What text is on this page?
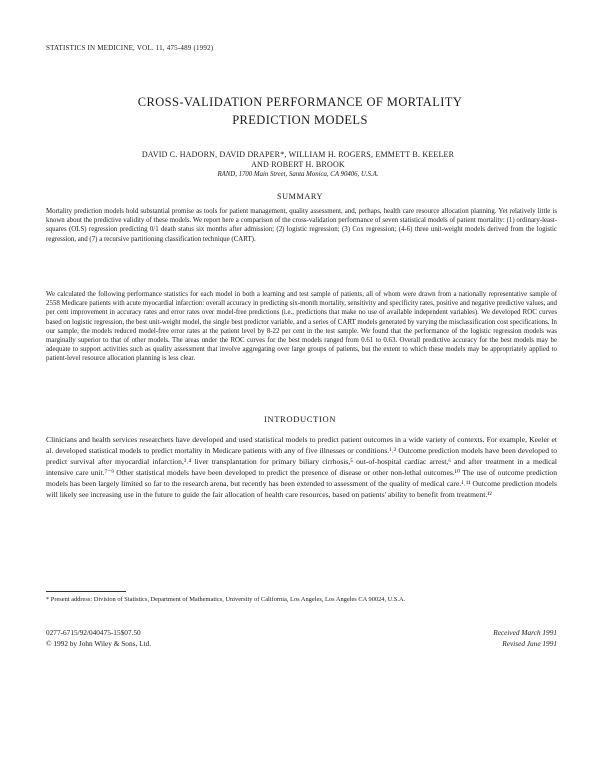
STATISTICS IN MEDICINE, VOL. 11, 475-489 (1992)
CROSS-VALIDATION PERFORMANCE OF MORTALITY
PREDICTION MODELS
DAVID C. HADORN, DAVID DRAPER*, WILLIAM H. ROGERS, EMMETT B. KEELER
AND ROBERT H. BROOK
RAND, 1700 Main Street, Santa Monica, CA 90406, U.S.A.
SUMMARY

Mortality prediction models hold substantial promise as tools for patient management, quality assessment, and, perhaps, health care resource allocation planning. Yet relatively little is known about the predictive validity of these models. We report here a comparison of the cross-validation performance of seven statistical models of patient mortality: (1) ordinary-least-squares (OLS) regression predicting 0/1 death status six months after admission; (2) logistic regression; (3) Cox regression; (4-6) three unit-weight models derived from the logistic regression, and (7) a recursive partitioning classification technique (CART).

We calculated the following performance statistics for each model in both a learning and test sample of patients, all of whom were drawn from a nationally representative sample of 2558 Medicare patients with acute myocardial infarction: overall accuracy in predicting six-month mortality, sensitivity and specificity rates, positive and negative predictive values, and per cent improvement in accuracy rates and error rates over model-free predictions (i.e., predictions that make no use of available independent variables). We developed ROC curves based on logistic regression, the best unit-weight model, the single best predictor variable, and a series of CART models generated by varying the misclassification cost specifications. In our sample, the models reduced model-free error rates at the patient level by 8-22 per cent in the test sample. We found that the performance of the logistic regression models was marginally superior to that of other models. The areas under the ROC curves for the best models ranged from 0.61 to 0.63. Overall predictive accuracy for the best models may be adequate to support activities such as quality assessment that involve aggregating over large groups of patients, but the extent to which these models may be appropriately applied to patient-level resource allocation planning is less clear.

INTRODUCTION

Clinicians and health services researchers have developed and used statistical models to predict patient outcomes in a wide variety of contexts. For example, Keeler et al. developed statistical models to predict mortality in Medicare patients with any of five illnesses or conditions.¹˒² Outcome prediction models have been developed to predict survival after myocardial infarction,³˒⁴ liver transplantation for primary biliary cirrhosis,⁵ out-of-hospital cardiac arrest,⁶ and after treatment in a medical intensive care unit.⁷⁻⁹ Other statistical models have been developed to predict the presence of disease or other non-lethal outcomes.¹⁰ The use of outcome prediction models has been largely limited so far to the research arena, but recently has been extended to assessment of the quality of medical care.¹˒¹¹ Outcome prediction models will likely see increasing use in the future to guide the fair allocation of health care resources, based on patients' ability to benefit from treatment.¹²

* Present address: Division of Statistics, Department of Mathematics, University of California, Los Angeles, Los Angeles CA 90024, U.S.A.
0277-6715/92/040475-15$07.50
© 1992 by John Wiley & Sons, Ltd.
Received March 1991
Revised June 1991
